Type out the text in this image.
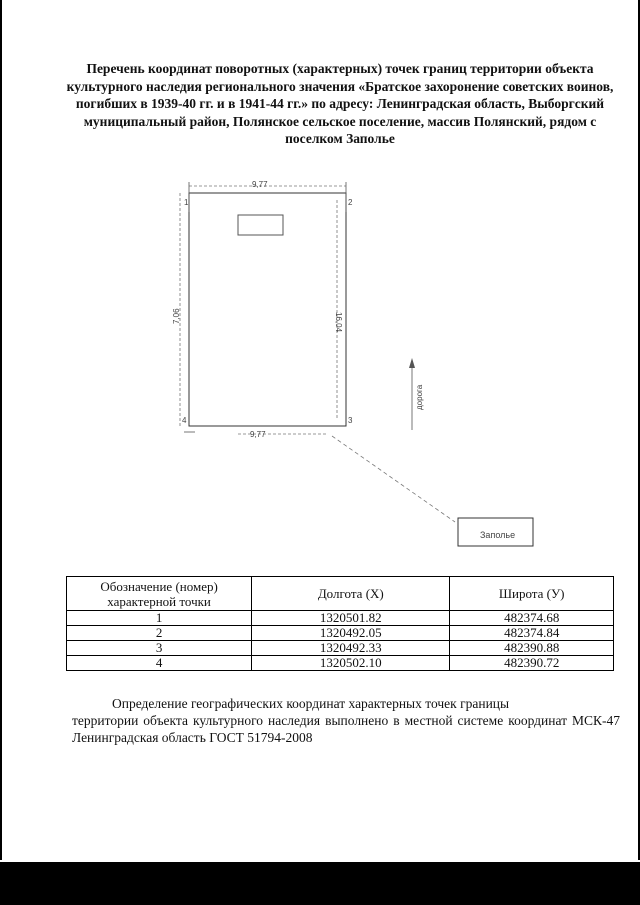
Перечень координат поворотных (характерных) точек границ территории объекта культурного наследия регионального значения «Братское захоронение советских воинов, погибших в 1939-40 гг. и в 1941-44 гг.» по адресу: Ленинградская область, Выборгский муниципальный район, Полянское сельское поселение, массив Полянский, рядом с поселком Заполье
9,77
7,06	16,04
9,77
дорога
Заполье
1	2
3
4
Обозначение (номер) характерной точки	Долгота (X)	Широта (У)
1	1320501.82	482374.68
2	1320492.05	482374.84
3	1320492.33	482390.88
4	1320502.10	482390.72
Определение географических координат характерных точек границы
территории объекта культурного наследия выполнено в местной системе координат МСК-47 Ленинградская область ГОСТ 51794-2008
